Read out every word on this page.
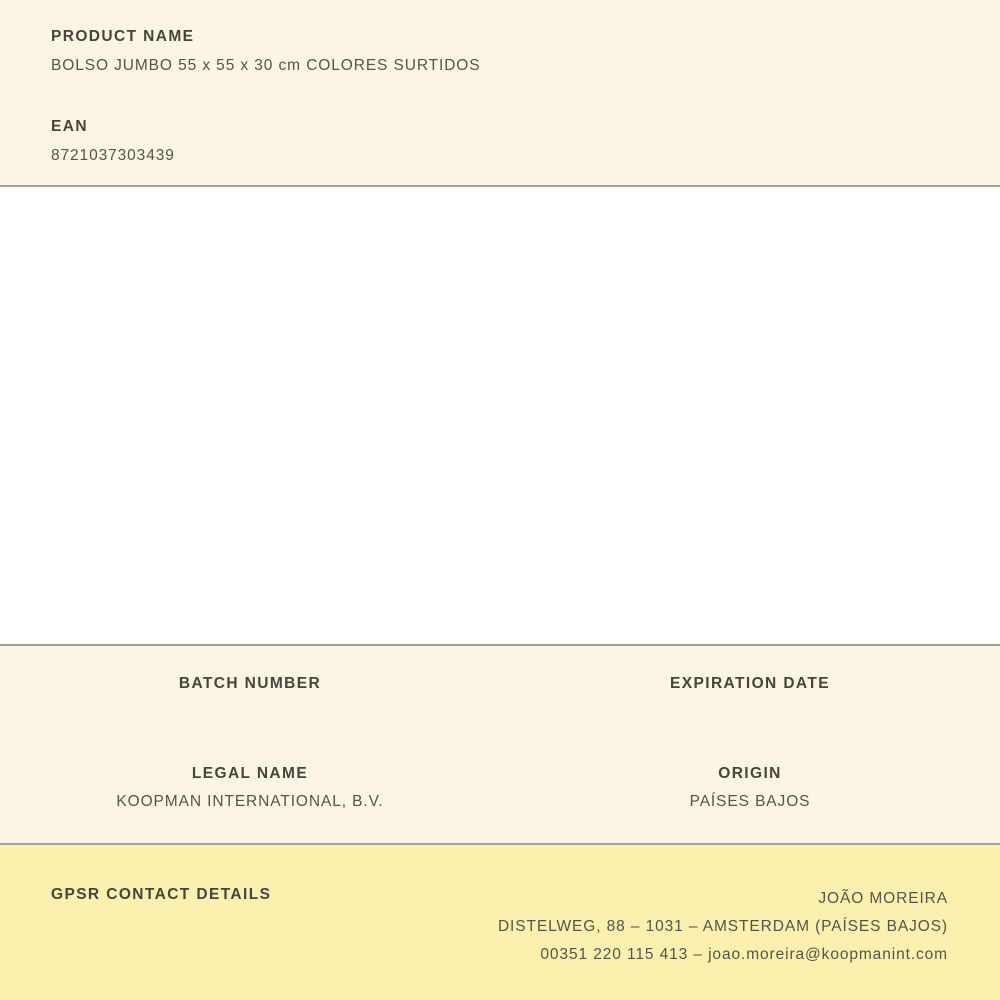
PRODUCT NAME
BOLSO JUMBO 55 x 55 x 30 cm COLORES SURTIDOS
EAN
8721037303439
BATCH NUMBER
LEGAL NAME
KOOPMAN INTERNATIONAL, B.V.
EXPIRATION DATE
ORIGIN
PAÍSES BAJOS
GPSR CONTACT DETAILS	JOÃO MOREIRA
DISTELWEG, 88 – 1031 – AMSTERDAM (PAÍSES BAJOS)
00351 220 115 413 – joao.moreira@koopmanint.com
